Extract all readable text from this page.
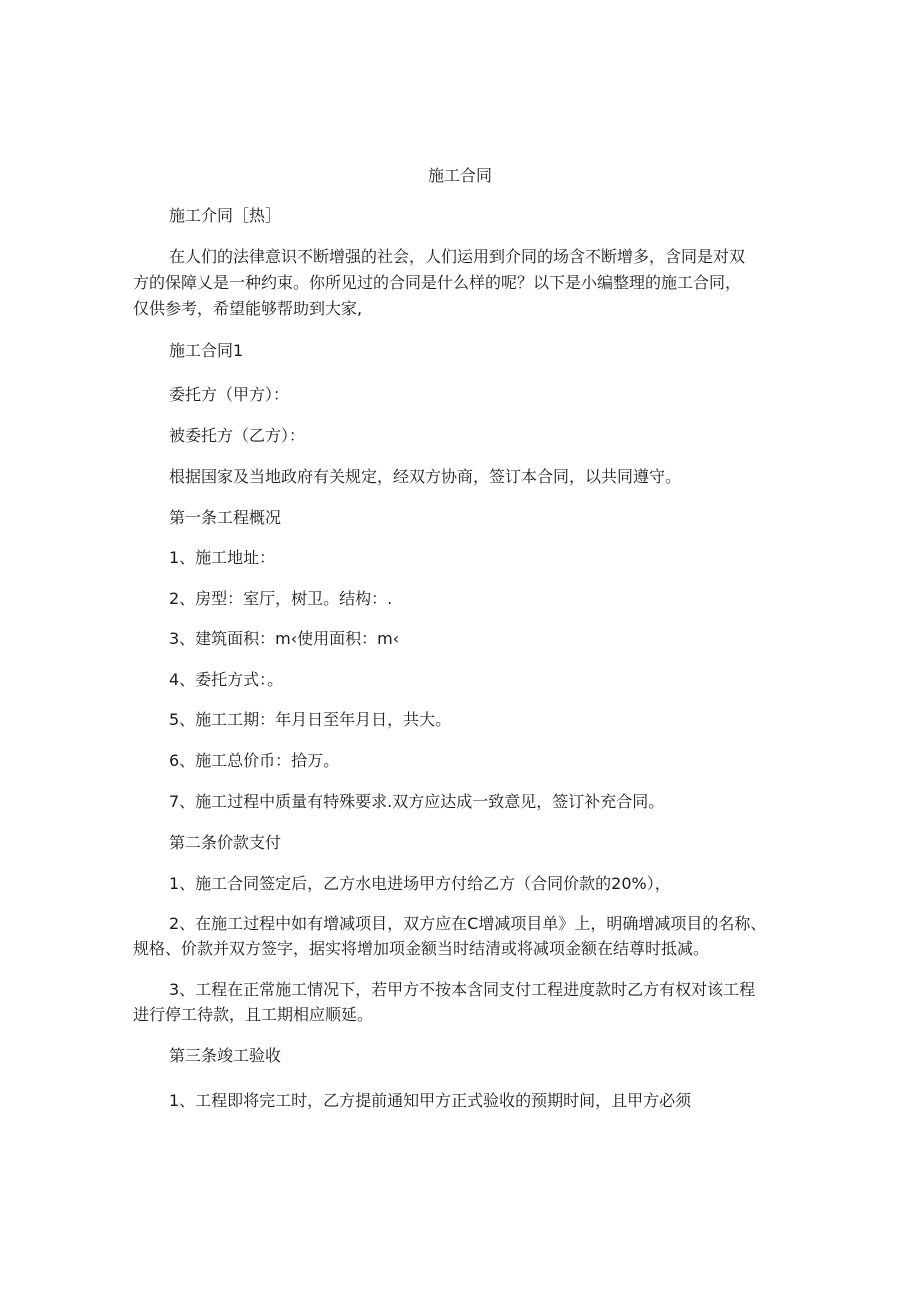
施工合同

施工介同［热］

在人们的法律意识不断增强的社会，人们运用到介同的场含不断增多，含同是对双

方的保障乂是一种约束。你所见过的合同是什么样的呢？以下是小编整理的施工合同，

仅供参考，希望能够帮助到大家,

施工合同1

委托方（甲方）：

被委托方（乙方）：

根据国家及当地政府有关规定，经双方协商，签订本合同，以共同遵守。

第一条工程概况

1、施工地址：

2、房型：室厅，树卫。结构：.

3、建筑面积：m‹使用面积：m‹

4、委托方式：。

5、施工工期：年月日至年月日，共大。

6、施工总价币：拾万。

7、施工过程中质量有特殊要求.双方应达成一致意见，签订补充合同。

第二条价款支付

1、施工合同签定后，乙方水电进场甲方付给乙方（合同价款的20%），

2、在施工过程中如有增减项目，双方应在C增减项目单》上，明确增减项目的名称、

规格、价款并双方签字，据实将增加项金额当时结清或将减项金额在结尊时抵减。

3、工程在正常施工情况下，若甲方不按本含同支付工程进度款时乙方有权对该工程

进行停工待款，且工期相应顺延。

第三条竣工验收

1、工程即将完工时，乙方提前通知甲方正式验收的预期时间，且甲方必须
